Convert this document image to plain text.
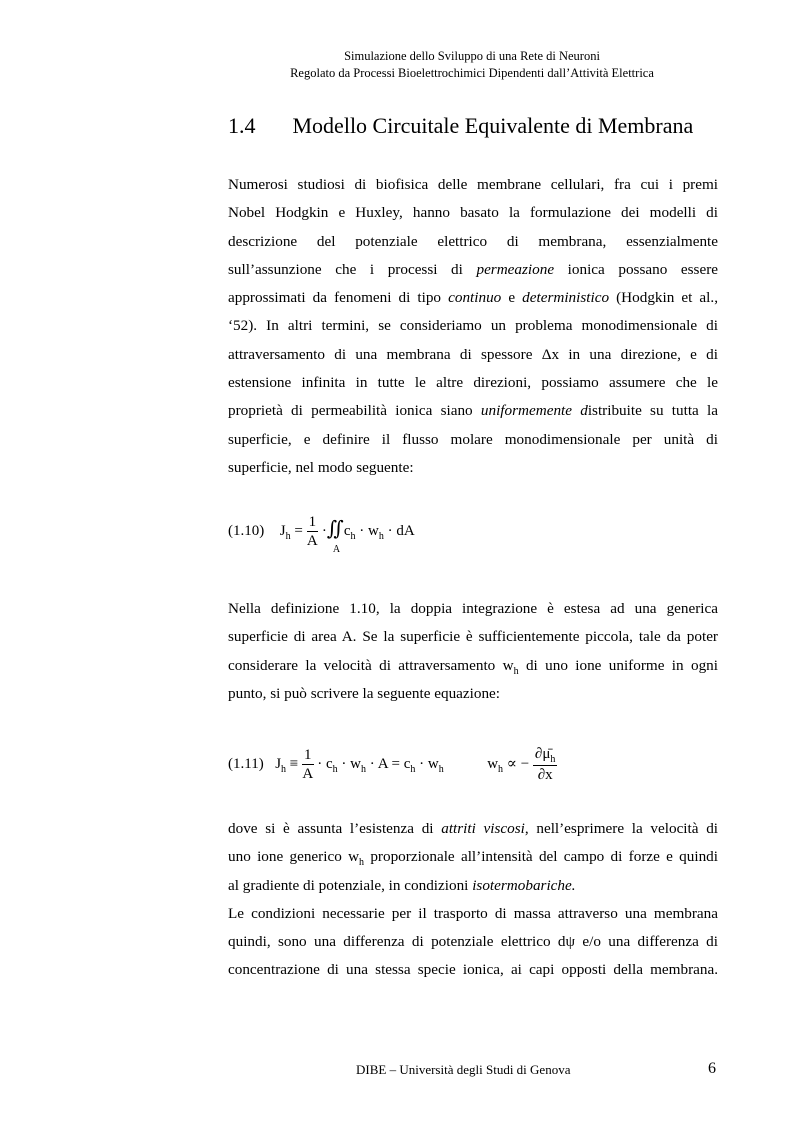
Simulazione dello Sviluppo di una Rete di Neuroni
Regolato da Processi Bioelettrochimici Dipendenti dall’Attività Elettrica
1.4 Modello Circuitale Equivalente di Membrana
Numerosi studiosi di biofisica delle membrane cellulari, fra cui i premi
Nobel Hodgkin e Huxley, hanno basato la formulazione dei modelli di
descrizione del potenziale elettrico di membrana, essenzialmente
sull’assunzione che i processi di permeazione ionica possano essere
approssimati da fenomeni di tipo continuo e deterministico (Hodgkin et al.,
‘52). In altri termini, se consideriamo un problema monodimensionale di
attraversamento di una membrana di spessore Δx in una direzione, e di
estensione infinita in tutte le altre direzioni, possiamo assumere che le
proprietà di permeabilità ionica siano uniformemente distribuite su tutta la
superficie, e definire il flusso molare monodimensionale per unità di
superficie, nel modo seguente:
(1.10) $J_h = \frac{1}{A}$ ·∬
A
$c_h \cdot w_h$ · dA
Nella definizione 1.10, la doppia integrazione è estesa ad una generica
superficie di area A. Se la superficie è sufficientemente piccola, tale da poter
considerare la velocità di attraversamento $w_h$ di uno ione uniforme in ogni
punto, si può scrivere la seguente equazione:
(1.11) $J_h \equiv \frac{1}{A} \cdot c_h \cdot w_h \cdot A = c_h \cdot w_h$	$w_h$ ∝ − $\frac{\partial\mū_h}{\partial x}$
dove si è assunta l’esistenza di attriti viscosi, nell’esprimere la velocità di
uno ione generico $w_h$ proporzionale all’intensità del campo di forze e quindi
al gradiente di potenziale, in condizioni isotermobariche.
Le condizioni necessarie per il trasporto di massa attraverso una membrana
quindi, sono una differenza di potenziale elettrico dψ e/o una differenza di
concentrazione di una stessa specie ionica, ai capi opposti della membrana.
DIBE – Università degli Studi di Genova	6
